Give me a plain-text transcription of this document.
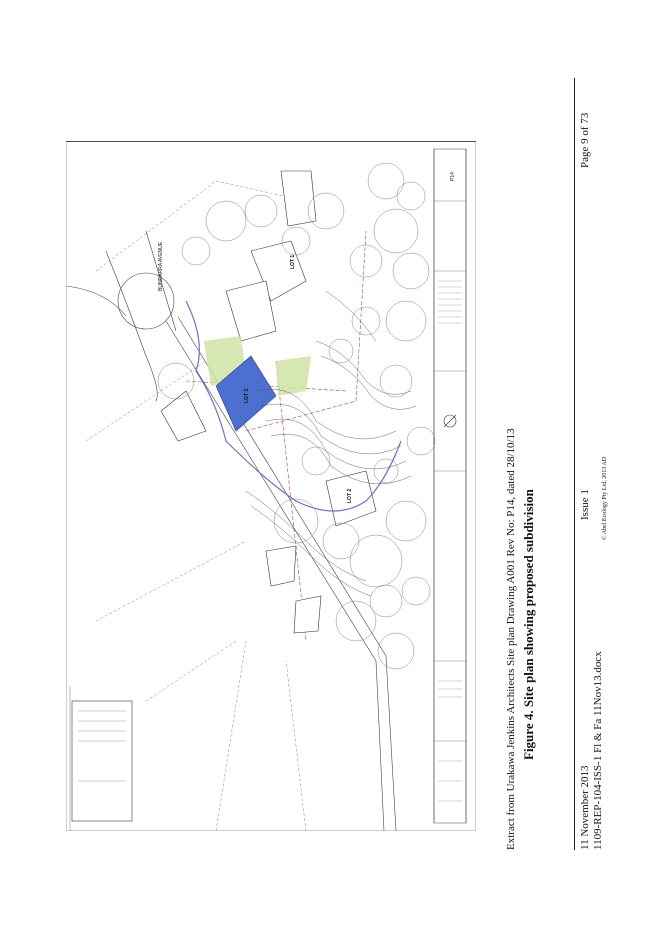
P14
BUNDARRA AVENUE	LOT 1
LOT 3
LOT 2	Extract from Urakawa Jenkins Architects Site plan Drawing A001 Rev No: P14, dated 28/10/13 Figure 4. Site plan showing proposed subdivision
11 November 2013 1109-REP-104-ISS-1 Fl & Fa 11Nov13.docx
Issue 1 © Abel Ecology Pty Ltd, 2013 AD
Page 9 of 73
